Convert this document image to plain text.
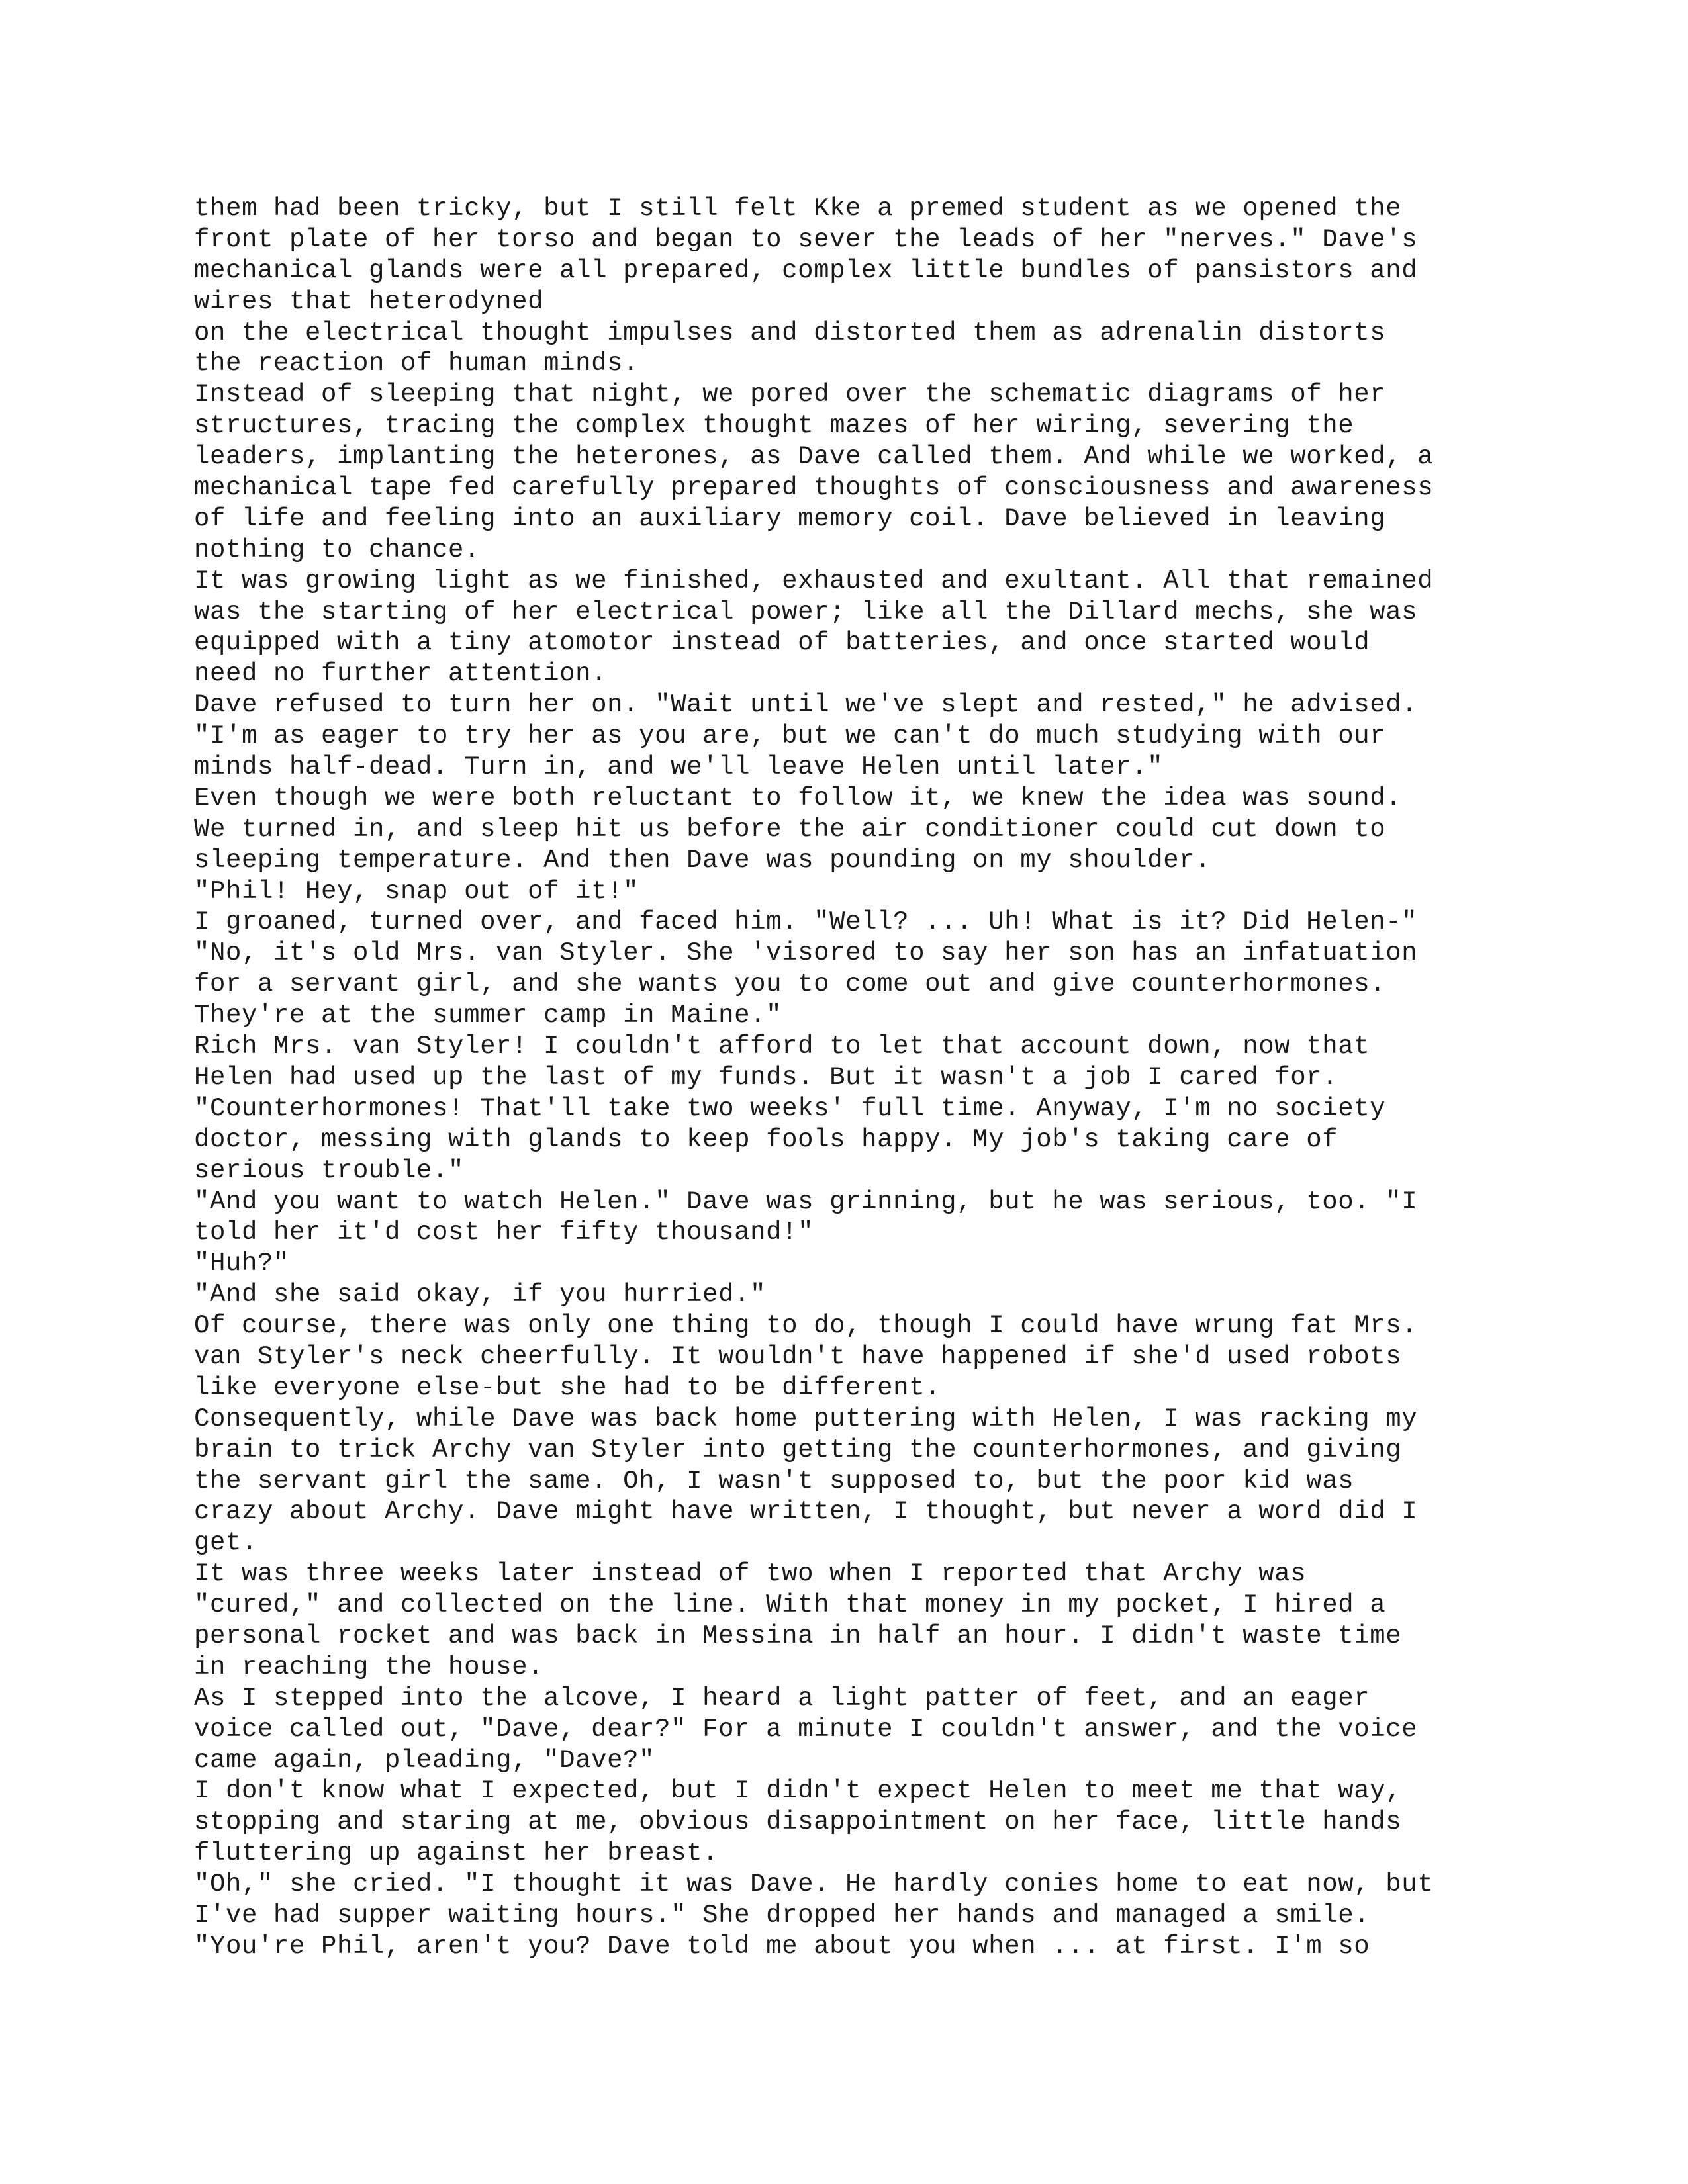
them had been tricky, but I still felt Kke a premed student as we opened the
front plate of her torso and began to sever the leads of her "nerves." Dave's
mechanical glands were all prepared, complex little bundles of pansistors and
wires that heterodyned
on the electrical thought impulses and distorted them as adrenalin distorts
the reaction of human minds.
Instead of sleeping that night, we pored over the schematic diagrams of her
structures, tracing the complex thought mazes of her wiring, severing the
leaders, implanting the heterones, as Dave called them. And while we worked, a
mechanical tape fed carefully prepared thoughts of consciousness and awareness
of life and feeling into an auxiliary memory coil. Dave believed in leaving
nothing to chance.
It was growing light as we finished, exhausted and exultant. All that remained
was the starting of her electrical power; like all the Dillard mechs, she was
equipped with a tiny atomotor instead of batteries, and once started would
need no further attention.
Dave refused to turn her on. "Wait until we've slept and rested," he advised.
"I'm as eager to try her as you are, but we can't do much studying with our
minds half-dead. Turn in, and we'll leave Helen until later."
Even though we were both reluctant to follow it, we knew the idea was sound.
We turned in, and sleep hit us before the air conditioner could cut down to
sleeping temperature. And then Dave was pounding on my shoulder.
"Phil! Hey, snap out of it!"
I groaned, turned over, and faced him. "Well? ... Uh! What is it? Did Helen-"
"No, it's old Mrs. van Styler. She 'visored to say her son has an infatuation
for a servant girl, and she wants you to come out and give counterhormones.
They're at the summer camp in Maine."
Rich Mrs. van Styler! I couldn't afford to let that account down, now that
Helen had used up the last of my funds. But it wasn't a job I cared for.
"Counterhormones! That'll take two weeks' full time. Anyway, I'm no society
doctor, messing with glands to keep fools happy. My job's taking care of
serious trouble."
"And you want to watch Helen." Dave was grinning, but he was serious, too. "I
told her it'd cost her fifty thousand!"
"Huh?"
"And she said okay, if you hurried."
Of course, there was only one thing to do, though I could have wrung fat Mrs.
van Styler's neck cheerfully. It wouldn't have happened if she'd used robots
like everyone else-but she had to be different.
Consequently, while Dave was back home puttering with Helen, I was racking my
brain to trick Archy van Styler into getting the counterhormones, and giving
the servant girl the same. Oh, I wasn't supposed to, but the poor kid was
crazy about Archy. Dave might have written, I thought, but never a word did I
get.
It was three weeks later instead of two when I reported that Archy was
"cured," and collected on the line. With that money in my pocket, I hired a
personal rocket and was back in Messina in half an hour. I didn't waste time
in reaching the house.
As I stepped into the alcove, I heard a light patter of feet, and an eager
voice called out, "Dave, dear?" For a minute I couldn't answer, and the voice
came again, pleading, "Dave?"
I don't know what I expected, but I didn't expect Helen to meet me that way,
stopping and staring at me, obvious disappointment on her face, little hands
fluttering up against her breast.
"Oh," she cried. "I thought it was Dave. He hardly conies home to eat now, but
I've had supper waiting hours." She dropped her hands and managed a smile.
"You're Phil, aren't you? Dave told me about you when ... at first. I'm so
